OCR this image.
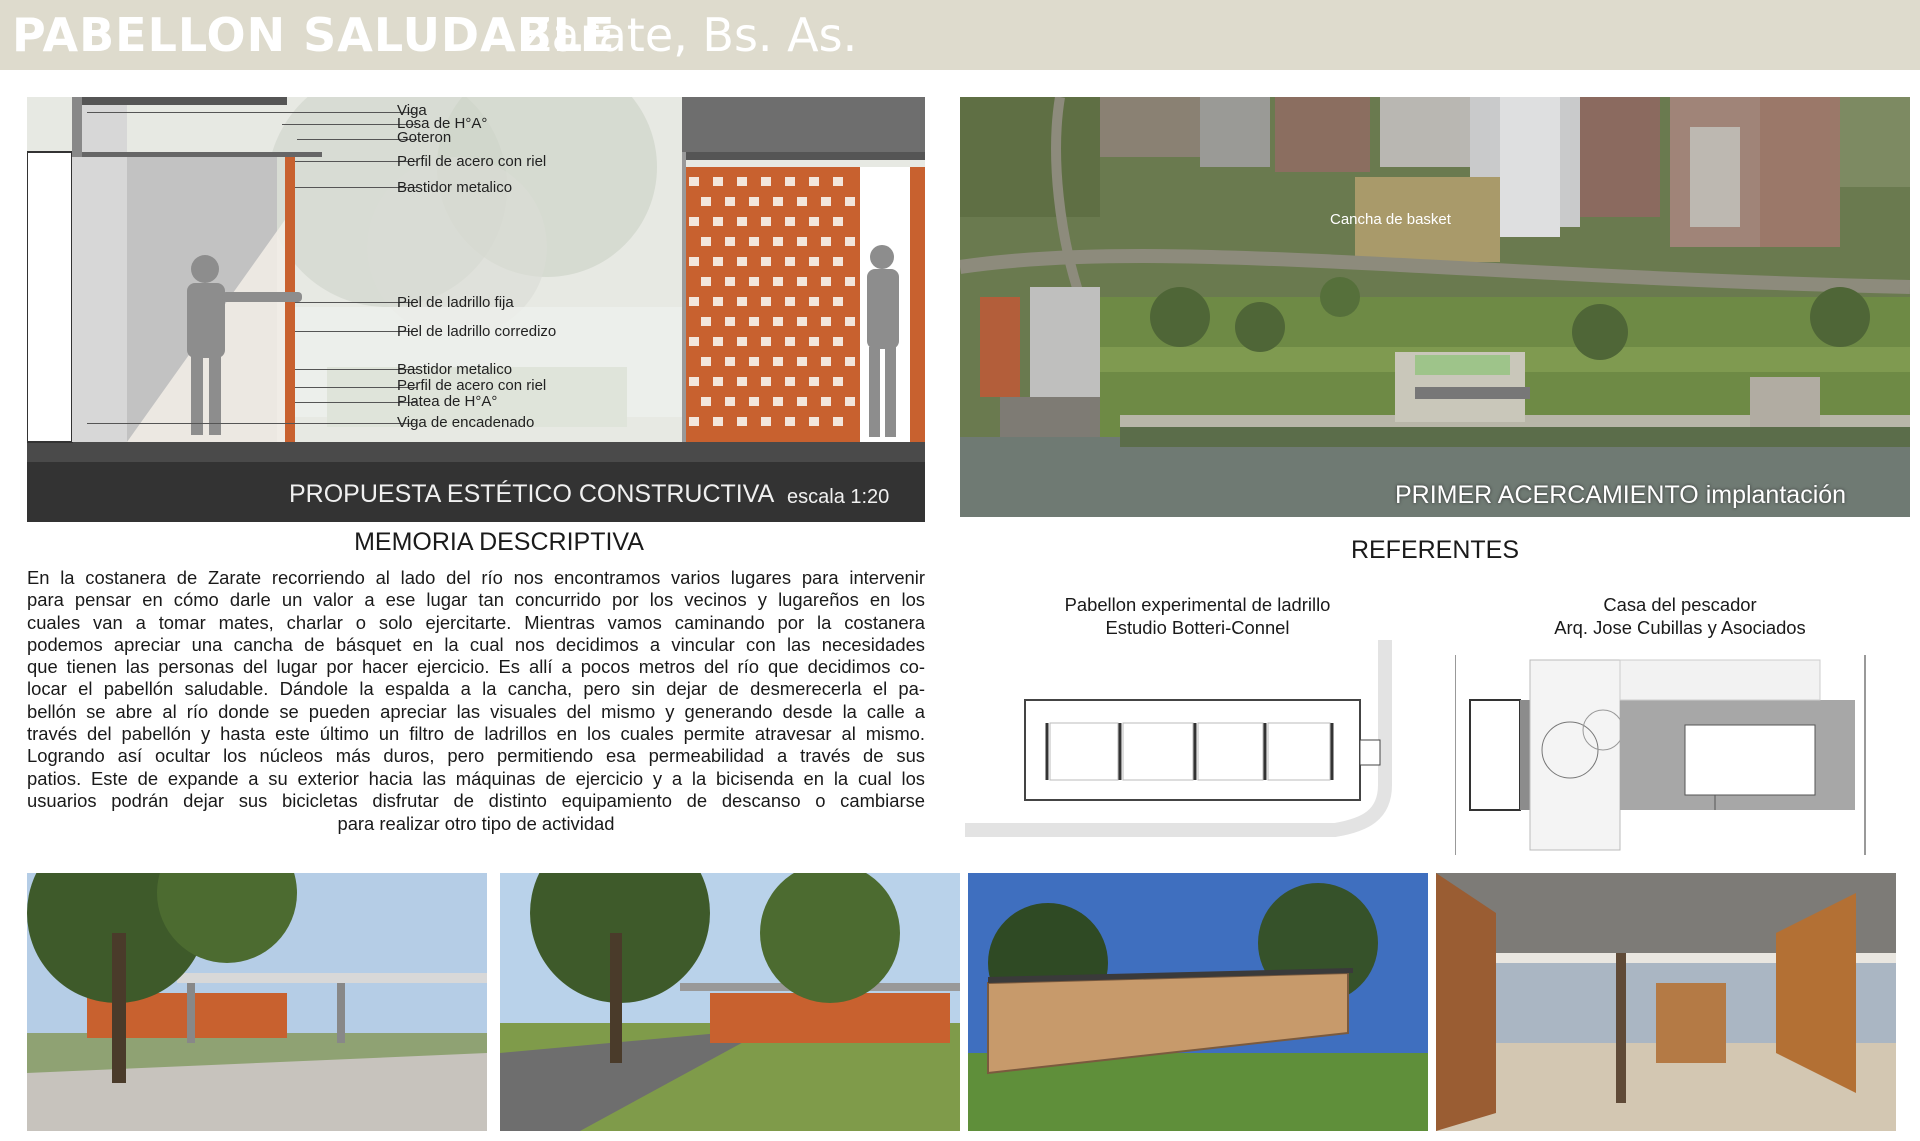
PABELLON SALUDABLE
Zarate, Bs. As.
Viga
Losa de H°A°
Goteron
Perfil de acero con riel
Bastidor metalico
Piel de ladrillo fija
Piel de ladrillo corredizo
Bastidor metalico
Perfil de acero con riel
Platea de H°A°
Viga de encadenado
PROPUESTA ESTÉTICO CONSTRUCTIVA escala 1:20
Cancha de basket
PRIMER ACERCAMIENTO implantación
MEMORIA DESCRIPTIVA
En la costanera de Zarate recorriendo al lado del río nos encontramos varios lugares para intervenir
para pensar en cómo darle un valor a ese lugar tan concurrido por los vecinos y lugareños en los
cuales van a tomar mates, charlar o solo ejercitarte. Mientras vamos caminando por la costanera
podemos apreciar una cancha de básquet en la cual nos decidimos a vincular con las necesidades
que tienen las personas del lugar por hacer ejercicio. Es allí a pocos metros del río que decidimos co-
locar el pabellón saludable. Dándole la espalda a la cancha, pero sin dejar de desmerecerla el pa-
bellón se abre al río donde se pueden apreciar las visuales del mismo y generando desde la calle a
través del pabellón y hasta este último un filtro de ladrillos en los cuales permite atravesar al mismo.
Logrando así ocultar los núcleos más duros, pero permitiendo esa permeabilidad a través de sus
patios. Este de expande a su exterior hacia las máquinas de ejercicio y a la bicisenda en la cual los
usuarios podrán dejar sus bicicletas disfrutar de distinto equipamiento de descanso o cambiarse
para realizar otro tipo de actividad
REFERENTES
Pabellon experimental de ladrillo
Estudio Botteri-Connel
Casa del pescador
Arq. Jose Cubillas y Asociados
